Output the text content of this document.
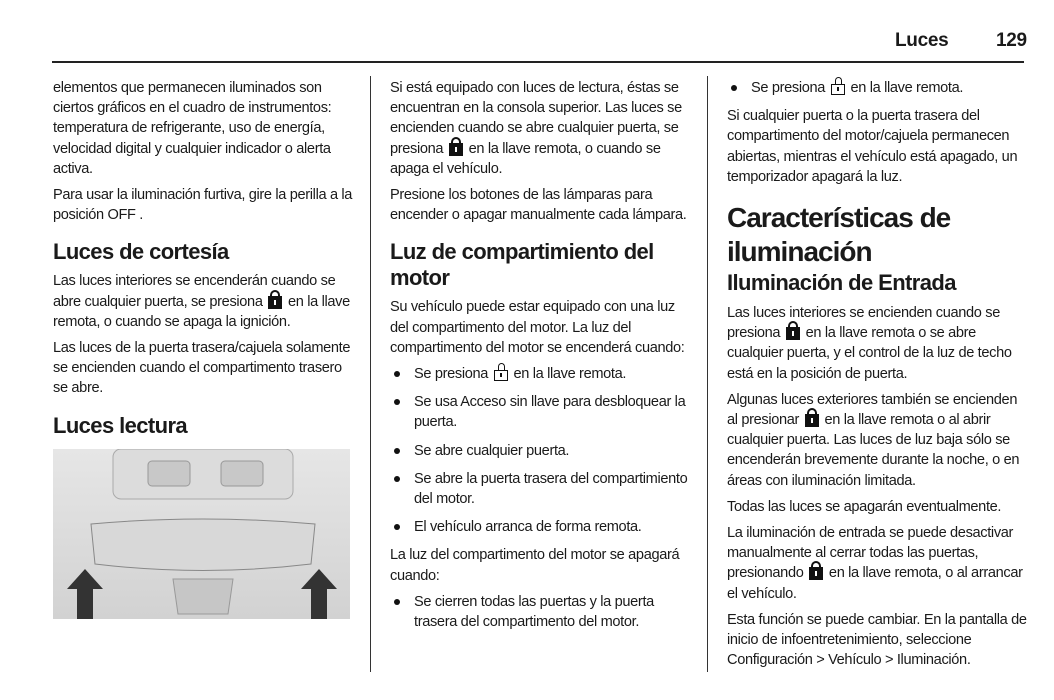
Luces	129

elementos que permanecen iluminados son ciertos gráficos en el cuadro de instrumentos: temperatura de refrigerante, uso de energía, velocidad digital y cualquier indicador o alerta activa.

Para usar la iluminación furtiva, gire la perilla a la posición OFF .

Luces de cortesía

Las luces interiores se encenderán cuando se abre cualquier puerta, se presiona en la llave remota, o cuando se apaga la ignición.

Las luces de la puerta trasera/cajuela solamente se encienden cuando el compartimento trasero se abre.

Luces lectura

Si está equipado con luces de lectura, éstas se encuentran en la consola superior. Las luces se encienden cuando se abre cualquier puerta, se presiona en la llave remota, o cuando se apaga el vehículo.

Presione los botones de las lámparas para encender o apagar manualmente cada lámpara.

Luz de compartimiento del motor

Su vehículo puede estar equipado con una luz del compartimento del motor. La luz del compartimento del motor se encenderá cuando:

Se presiona en la llave remota.
Se usa Acceso sin llave para desbloquear la puerta.
Se abre cualquier puerta.
Se abre la puerta trasera del compartimiento del motor.
El vehículo arranca de forma remota.

La luz del compartimento del motor se apagará cuando:

Se cierren todas las puertas y la puerta trasera del compartimento del motor.
Se presiona en la llave remota.

Si cualquier puerta o la puerta trasera del compartimento del motor/cajuela permanecen abiertas, mientras el vehículo está apagado, un temporizador apagará la luz.

Características de iluminación
Iluminación de Entrada

Las luces interiores se encienden cuando se presiona en la llave remota o se abre cualquier puerta, y el control de la luz de techo está en la posición de puerta.

Algunas luces exteriores también se encienden al presionar en la llave remota o al abrir cualquier puerta. Las luces de luz baja sólo se encenderán brevemente durante la noche, o en áreas con iluminación limitada.

Todas las luces se apagarán eventualmente.

La iluminación de entrada se puede desactivar manualmente al cerrar todas las puertas, presionando en la llave remota, o al arrancar el vehículo.

Esta función se puede cambiar. En la pantalla de inicio de infoentretenimiento, seleccione Configuración > Vehículo > Iluminación.
